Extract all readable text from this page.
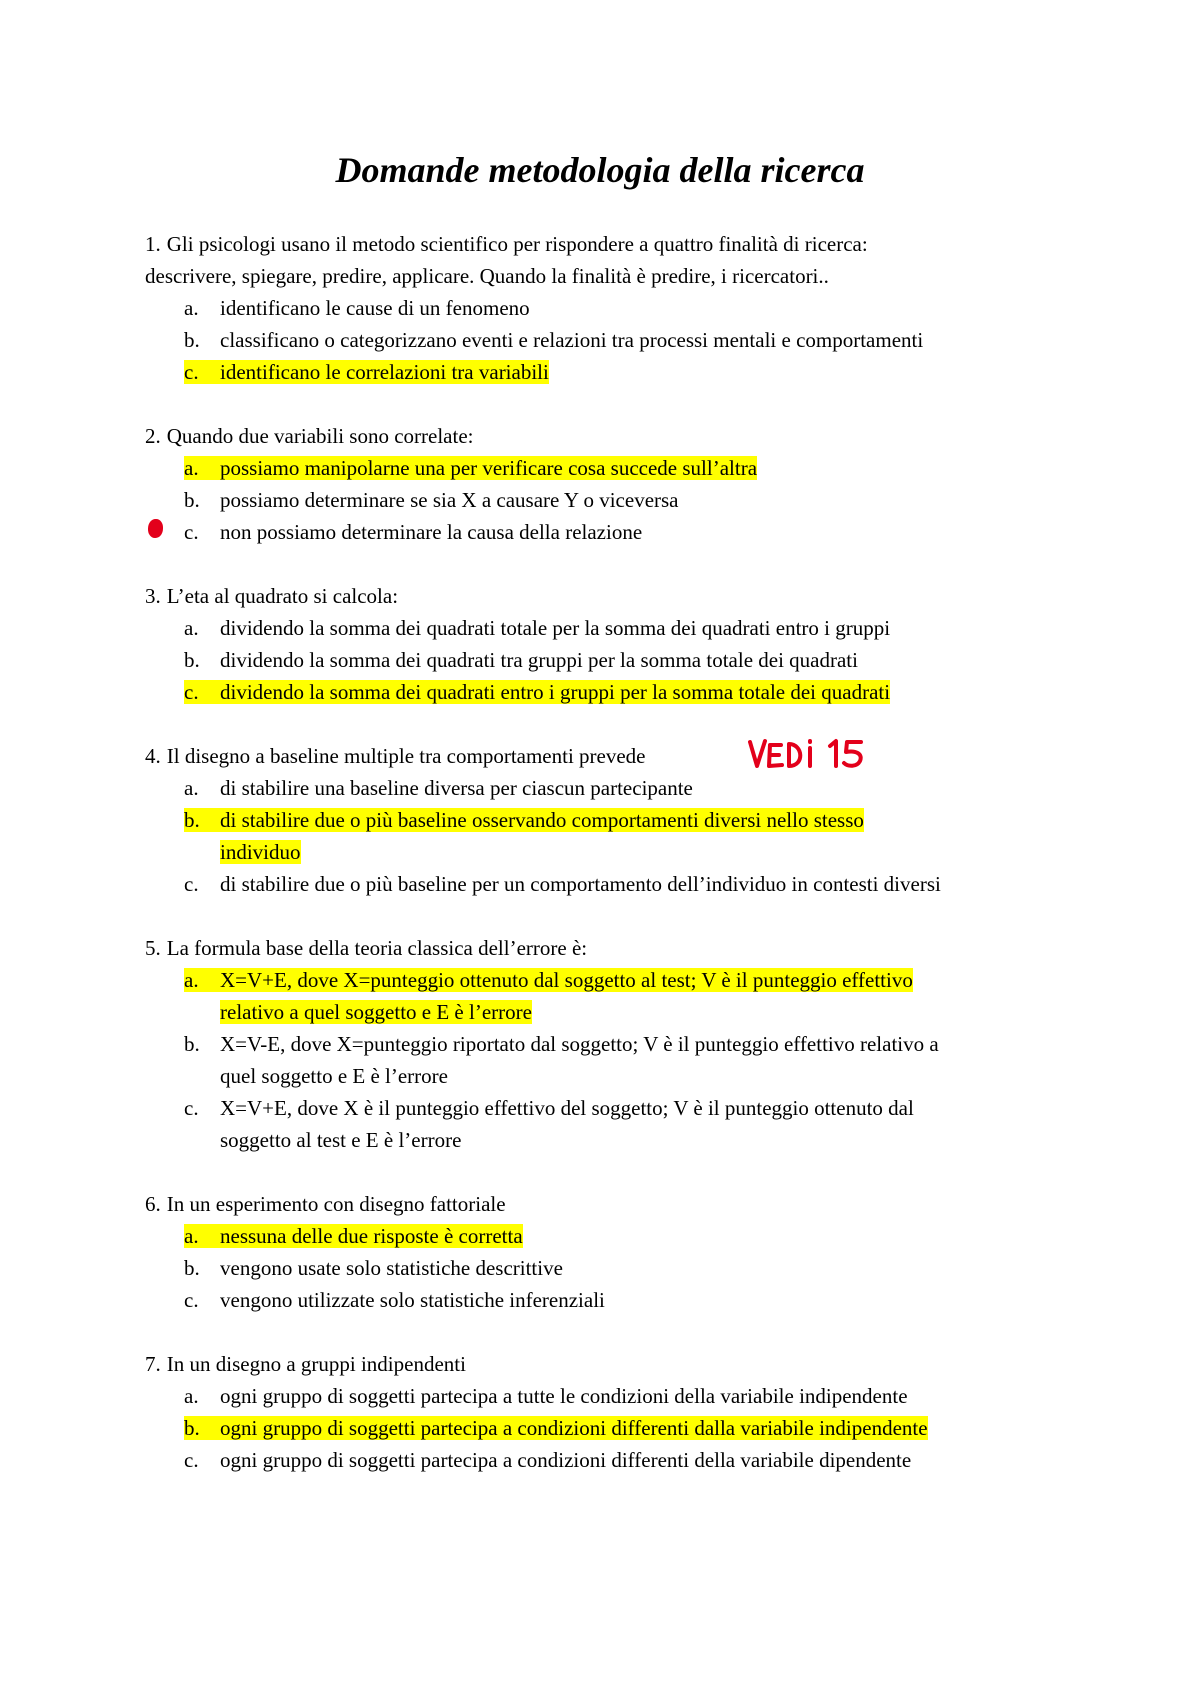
Domande metodologia della ricerca
1. Gli psicologi usano il metodo scientifico per rispondere a quattro finalità di ricerca:
descrivere, spiegare, predire, applicare. Quando la finalità è predire, i ricercatori..
a. identificano le cause di un fenomeno
b. classificano o categorizzano eventi e relazioni tra processi mentali e comportamenti
c. identificano le correlazioni tra variabili
2. Quando due variabili sono correlate:
a. possiamo manipolarne una per verificare cosa succede sull’altra
b. possiamo determinare se sia X a causare Y o viceversa
c. non possiamo determinare la causa della relazione
3. L’eta al quadrato si calcola:
a. dividendo la somma dei quadrati totale per la somma dei quadrati entro i gruppi
b. dividendo la somma dei quadrati tra gruppi per la somma totale dei quadrati
c. dividendo la somma dei quadrati entro i gruppi per la somma totale dei quadrati
4. Il disegno a baseline multiple tra comportamenti prevede
a. di stabilire una baseline diversa per ciascun partecipante
b. di stabilire due o più baseline osservando comportamenti diversi nello stesso
individuo
c. di stabilire due o più baseline per un comportamento dell’individuo in contesti diversi
5. La formula base della teoria classica dell’errore è:
a. X=V+E, dove X=punteggio ottenuto dal soggetto al test; V è il punteggio effettivo
relativo a quel soggetto e E è l’errore
b. X=V-E, dove X=punteggio riportato dal soggetto; V è il punteggio effettivo relativo a
quel soggetto e E è l’errore
c. X=V+E, dove X è il punteggio effettivo del soggetto; V è il punteggio ottenuto dal
soggetto al test e E è l’errore
6. In un esperimento con disegno fattoriale
a. nessuna delle due risposte è corretta
b. vengono usate solo statistiche descrittive
c. vengono utilizzate solo statistiche inferenziali
7. In un disegno a gruppi indipendenti
a. ogni gruppo di soggetti partecipa a tutte le condizioni della variabile indipendente
b. ogni gruppo di soggetti partecipa a condizioni differenti dalla variabile indipendente
c. ogni gruppo di soggetti partecipa a condizioni differenti della variabile dipendente
